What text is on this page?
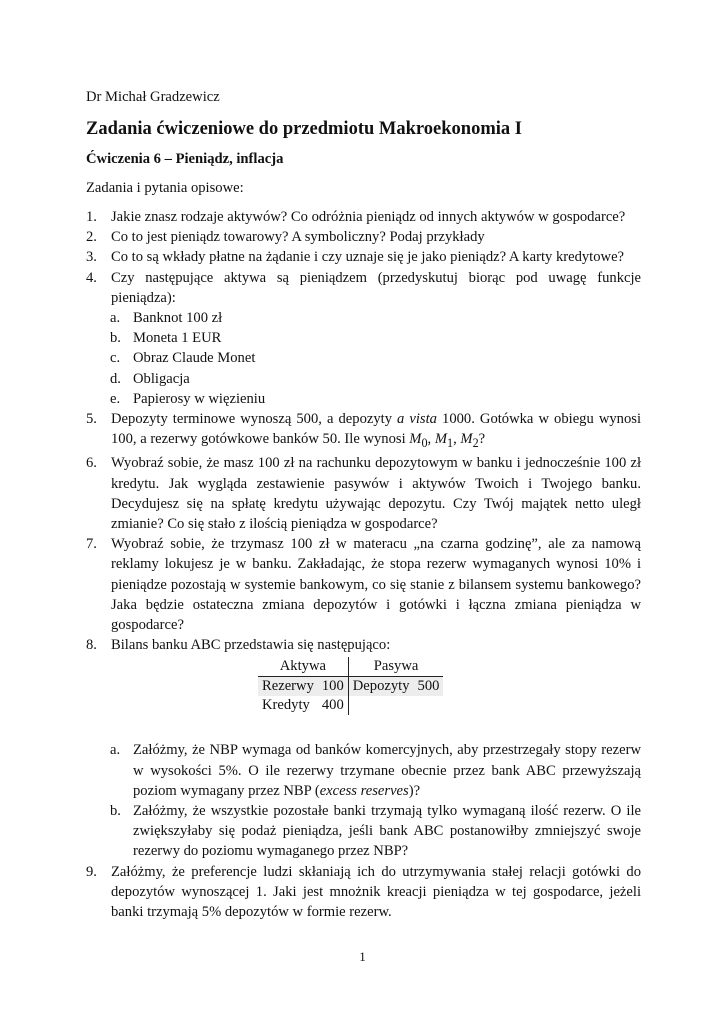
Dr Michał Gradzewicz
Zadania ćwiczeniowe do przedmiotu Makroekonomia I
Ćwiczenia 6 – Pieniądz, inflacja
Zadania i pytania opisowe:
1. Jakie znasz rodzaje aktywów? Co odróżnia pieniądz od innych aktywów w gospodarce?

2. Co to jest pieniądz towarowy? A symboliczny? Podaj przykłady

3. Co to są wkłady płatne na żądanie i czy uznaje się je jako pieniądz? A karty kredytowe?

4. Czy następujące aktywa są pieniądzem (przedyskutuj biorąc pod uwagę funkcje pieniądza):

a. Banknot 100 zł
b. Moneta 1 EUR
c. Obraz Claude Monet
d. Obligacja
e. Papierosy w więzieniu
5. Depozyty terminowe wynoszą 500, a depozyty a vista 1000. Gotówka w obiegu wynosi 100, a rezerwy gotówkowe banków 50. Ile wynosi $M_0$, $M_1$, $M_2$?

6. Wyobraź sobie, że masz 100 zł na rachunku depozytowym w banku i jednocześnie 100 zł kredytu. Jak wygląda zestawienie pasywów i aktywów Twoich i Twojego banku. Decydujesz się na spłatę kredytu używając depozytu. Czy Twój majątek netto uległ zmianie? Co się stało z ilością pieniądza w gospodarce?

7. Wyobraź sobie, że trzymasz 100 zł w materacu „na czarna godzinę”, ale za namową reklamy lokujesz je w banku. Zakładając, że stopa rezerw wymaganych wynosi 10% i pieniądze pozostają w systemie bankowym, co się stanie z bilansem systemu bankowego? Jaka będzie ostateczna zmiana depozytów i gotówki i łączna zmiana pieniądza w gospodarce?

8. Bilans banku ABC przedstawia się następująco:

Aktywa		Pasywa	
Rezerwy	100	Depozyty	500
Kredyty	400		
a. Załóżmy, że NBP wymaga od banków komercyjnych, aby przestrzegały stopy rezerw w wysokości 5%. O ile rezerwy trzymane obecnie przez bank ABC przewyższają poziom wymagany przez NBP (excess reserves)?
b. Załóżmy, że wszystkie pozostałe banki trzymają tylko wymaganą ilość rezerw. O ile zwiększyłaby się podaż pieniądza, jeśli bank ABC postanowiłby zmniejszyć swoje rezerwy do poziomu wymaganego przez NBP?
9. Załóżmy, że preferencje ludzi skłaniają ich do utrzymywania stałej relacji gotówki do depozytów wynoszącej 1. Jaki jest mnożnik kreacji pieniądza w tej gospodarce, jeżeli banki trzymają 5% depozytów w formie rezerw.

1
